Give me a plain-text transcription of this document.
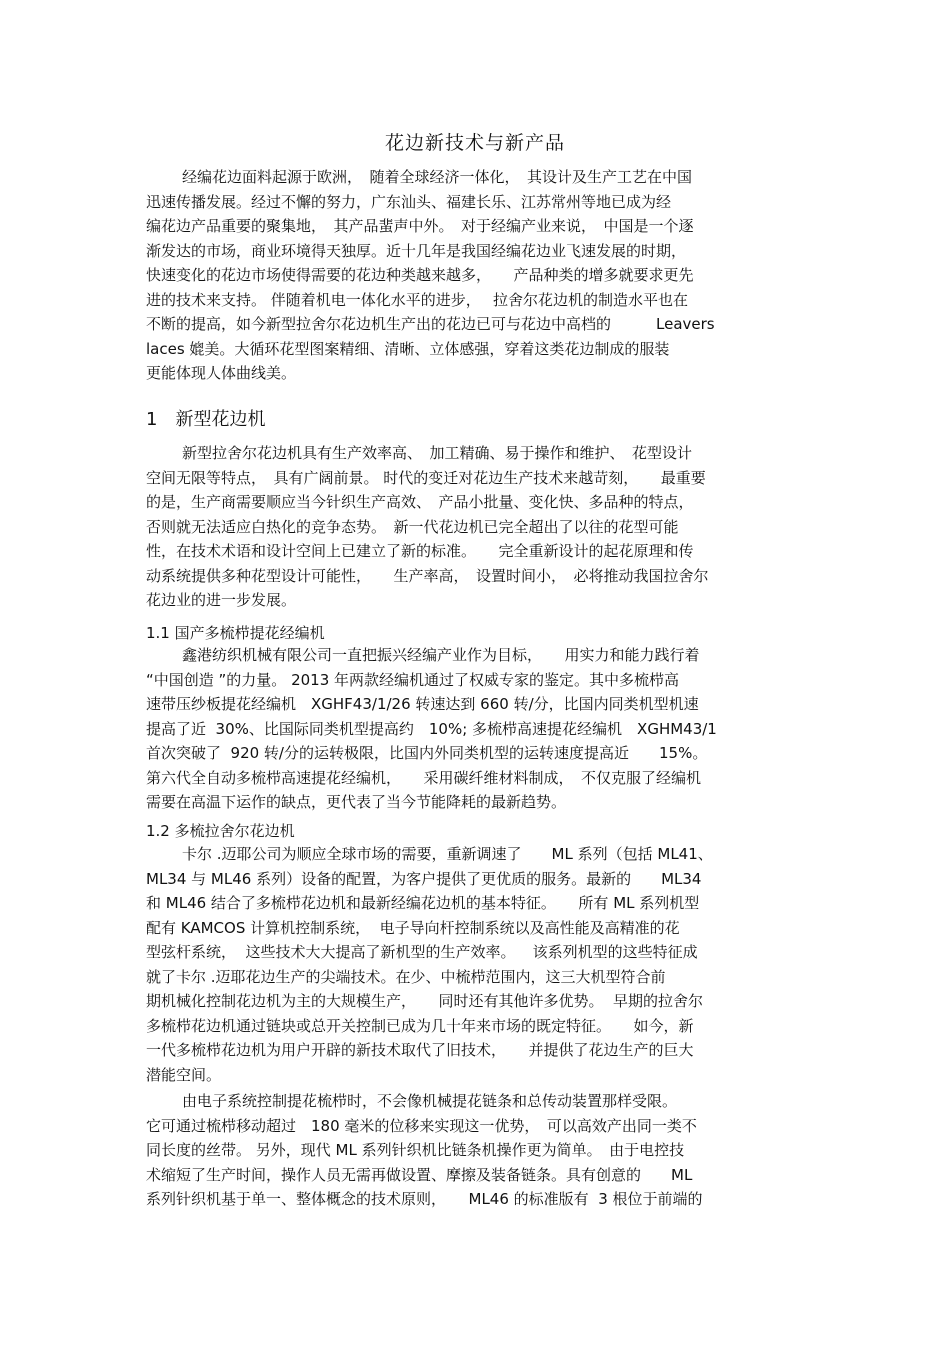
花边新技术与新产品
经编花边面料起源于欧洲，　随着全球经济一体化，　其设计及生产工艺在中国
迅速传播发展。经过不懈的努力，广东汕头、福建长乐、江苏常州等地已成为经
编花边产品重要的聚集地，　其产品蜚声中外。　对于经编产业来说，　中国是一个逐
渐发达的市场，商业环境得天独厚。近十几年是我国经编花边业飞速发展的时期，
快速变化的花边市场使得需要的花边种类越来越多，　　产品种类的增多就要求更先
进的技术来支持。 伴随着机电一体化水平的进步，　 拉舍尔花边机的制造水平也在
不断的提高，如今新型拉舍尔花边机生产出的花边已可与花边中高档的　　　Leavers
laces 媲美。大循环花型图案精细、清晰、立体感强，穿着这类花边制成的服装
更能体现人体曲线美。
1　新型花边机
新型拉舍尔花边机具有生产效率高、　加工精确、易于操作和维护、　花型设计
空间无限等特点，　具有广阔前景。 时代的变迁对花边生产技术来越苛刻，　　最重要
的是，生产商需要顺应当今针织生产高效、　产品小批量、变化快、多品种的特点，
否则就无法适应白热化的竞争态势。　新一代花边机已完全超出了以往的花型可能
性，在技术术语和设计空间上已建立了新的标准。　　完全重新设计的起花原理和传
动系统提供多种花型设计可能性，　　生产率高，　设置时间小，　必将推动我国拉舍尔
花边业的进一步发展。
1.1 国产多梳栉提花经编机
鑫港纺织机械有限公司一直把振兴经编产业作为目标，　　用实力和能力践行着
“中国创造 ”的力量。 2013 年两款经编机通过了权威专家的鉴定。其中多梳栉高
速带压纱板提花经编机　XGHF43/1/26 转速达到 660 转/分，比国内同类机型机速
提高了近  30%、比国际同类机型提高约　10%; 多梳栉高速提花经编机　XGHM43/1
首次突破了  920 转/分的运转极限，比国内外同类机型的运转速度提高近　　15%。
第六代全自动多梳栉高速提花经编机，　　采用碳纤维材料制成，　不仅克服了经编机
需要在高温下运作的缺点，更代表了当今节能降耗的最新趋势。
1.2 多梳拉舍尔花边机
卡尔 .迈耶公司为顺应全球市场的需要，重新调速了　　ML 系列（包括 ML41、
ML34 与 ML46 系列）设备的配置，为客户提供了更优质的服务。最新的　　ML34
和 ML46 结合了多梳栉花边机和最新经编花边机的基本特征。　　所有 ML 系列机型
配有 KAMCOS 计算机控制系统，  电子导向杆控制系统以及高性能及高精准的花
型弦杆系统，  这些技术大大提高了新机型的生产效率。　  该系列机型的这些特征成
就了卡尔 .迈耶花边生产的尖端技术。在少、中梳栉范围内，这三大机型符合前
期机械化控制花边机为主的大规模生产，　　同时还有其他许多优势。  早期的拉舍尔
多梳栉花边机通过链块或总开关控制已成为几十年来市场的既定特征。　　如今，新
一代多梳栉花边机为用户开辟的新技术取代了旧技术，　　并提供了花边生产的巨大
潜能空间。
由电子系统控制提花梳栉时，不会像机械提花链条和总传动装置那样受限。
它可通过梳栉移动超过　180 毫米的位移来实现这一优势，　可以高效产出同一类不
同长度的丝带。 另外，现代 ML 系列针织机比链条机操作更为简单。　由于电控技
术缩短了生产时间，操作人员无需再做设置、摩擦及装备链条。具有创意的　　ML
系列针织机基于单一、整体概念的技术原则，　　ML46 的标准版有  3 根位于前端的
